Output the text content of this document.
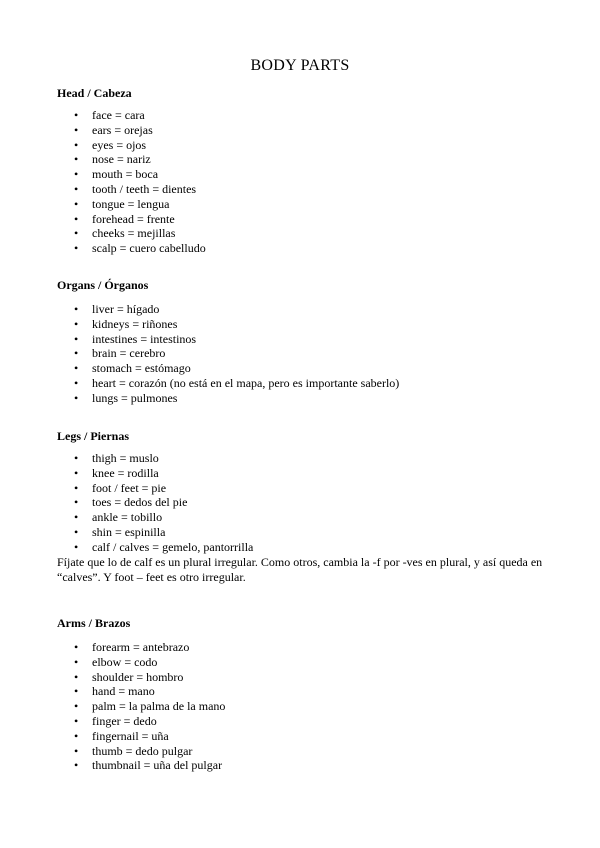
BODY PARTS
Head / Cabeza
• face = cara
• ears = orejas
• eyes = ojos
• nose = nariz
• mouth = boca
• tooth / teeth = dientes
• tongue = lengua
• forehead = frente
• cheeks = mejillas
• scalp = cuero cabelludo
Organs / Órganos
• liver = hígado
• kidneys = riñones
• intestines = intestinos
• brain = cerebro
• stomach = estómago
• heart = corazón (no está en el mapa, pero es importante saberlo)
• lungs = pulmones
Legs / Piernas
• thigh = muslo
• knee = rodilla
• foot / feet = pie
• toes = dedos del pie
• ankle = tobillo
• shin = espinilla
• calf / calves = gemelo, pantorrilla

Fíjate que lo de calf es un plural irregular. Como otros, cambia la -f por -ves en plural, y así queda en “calves”. Y foot – feet es otro irregular.

Arms / Brazos
• forearm = antebrazo
• elbow = codo
• shoulder = hombro
• hand = mano
• palm = la palma de la mano
• finger = dedo
• fingernail = uña
• thumb = dedo pulgar
• thumbnail = uña del pulgar
